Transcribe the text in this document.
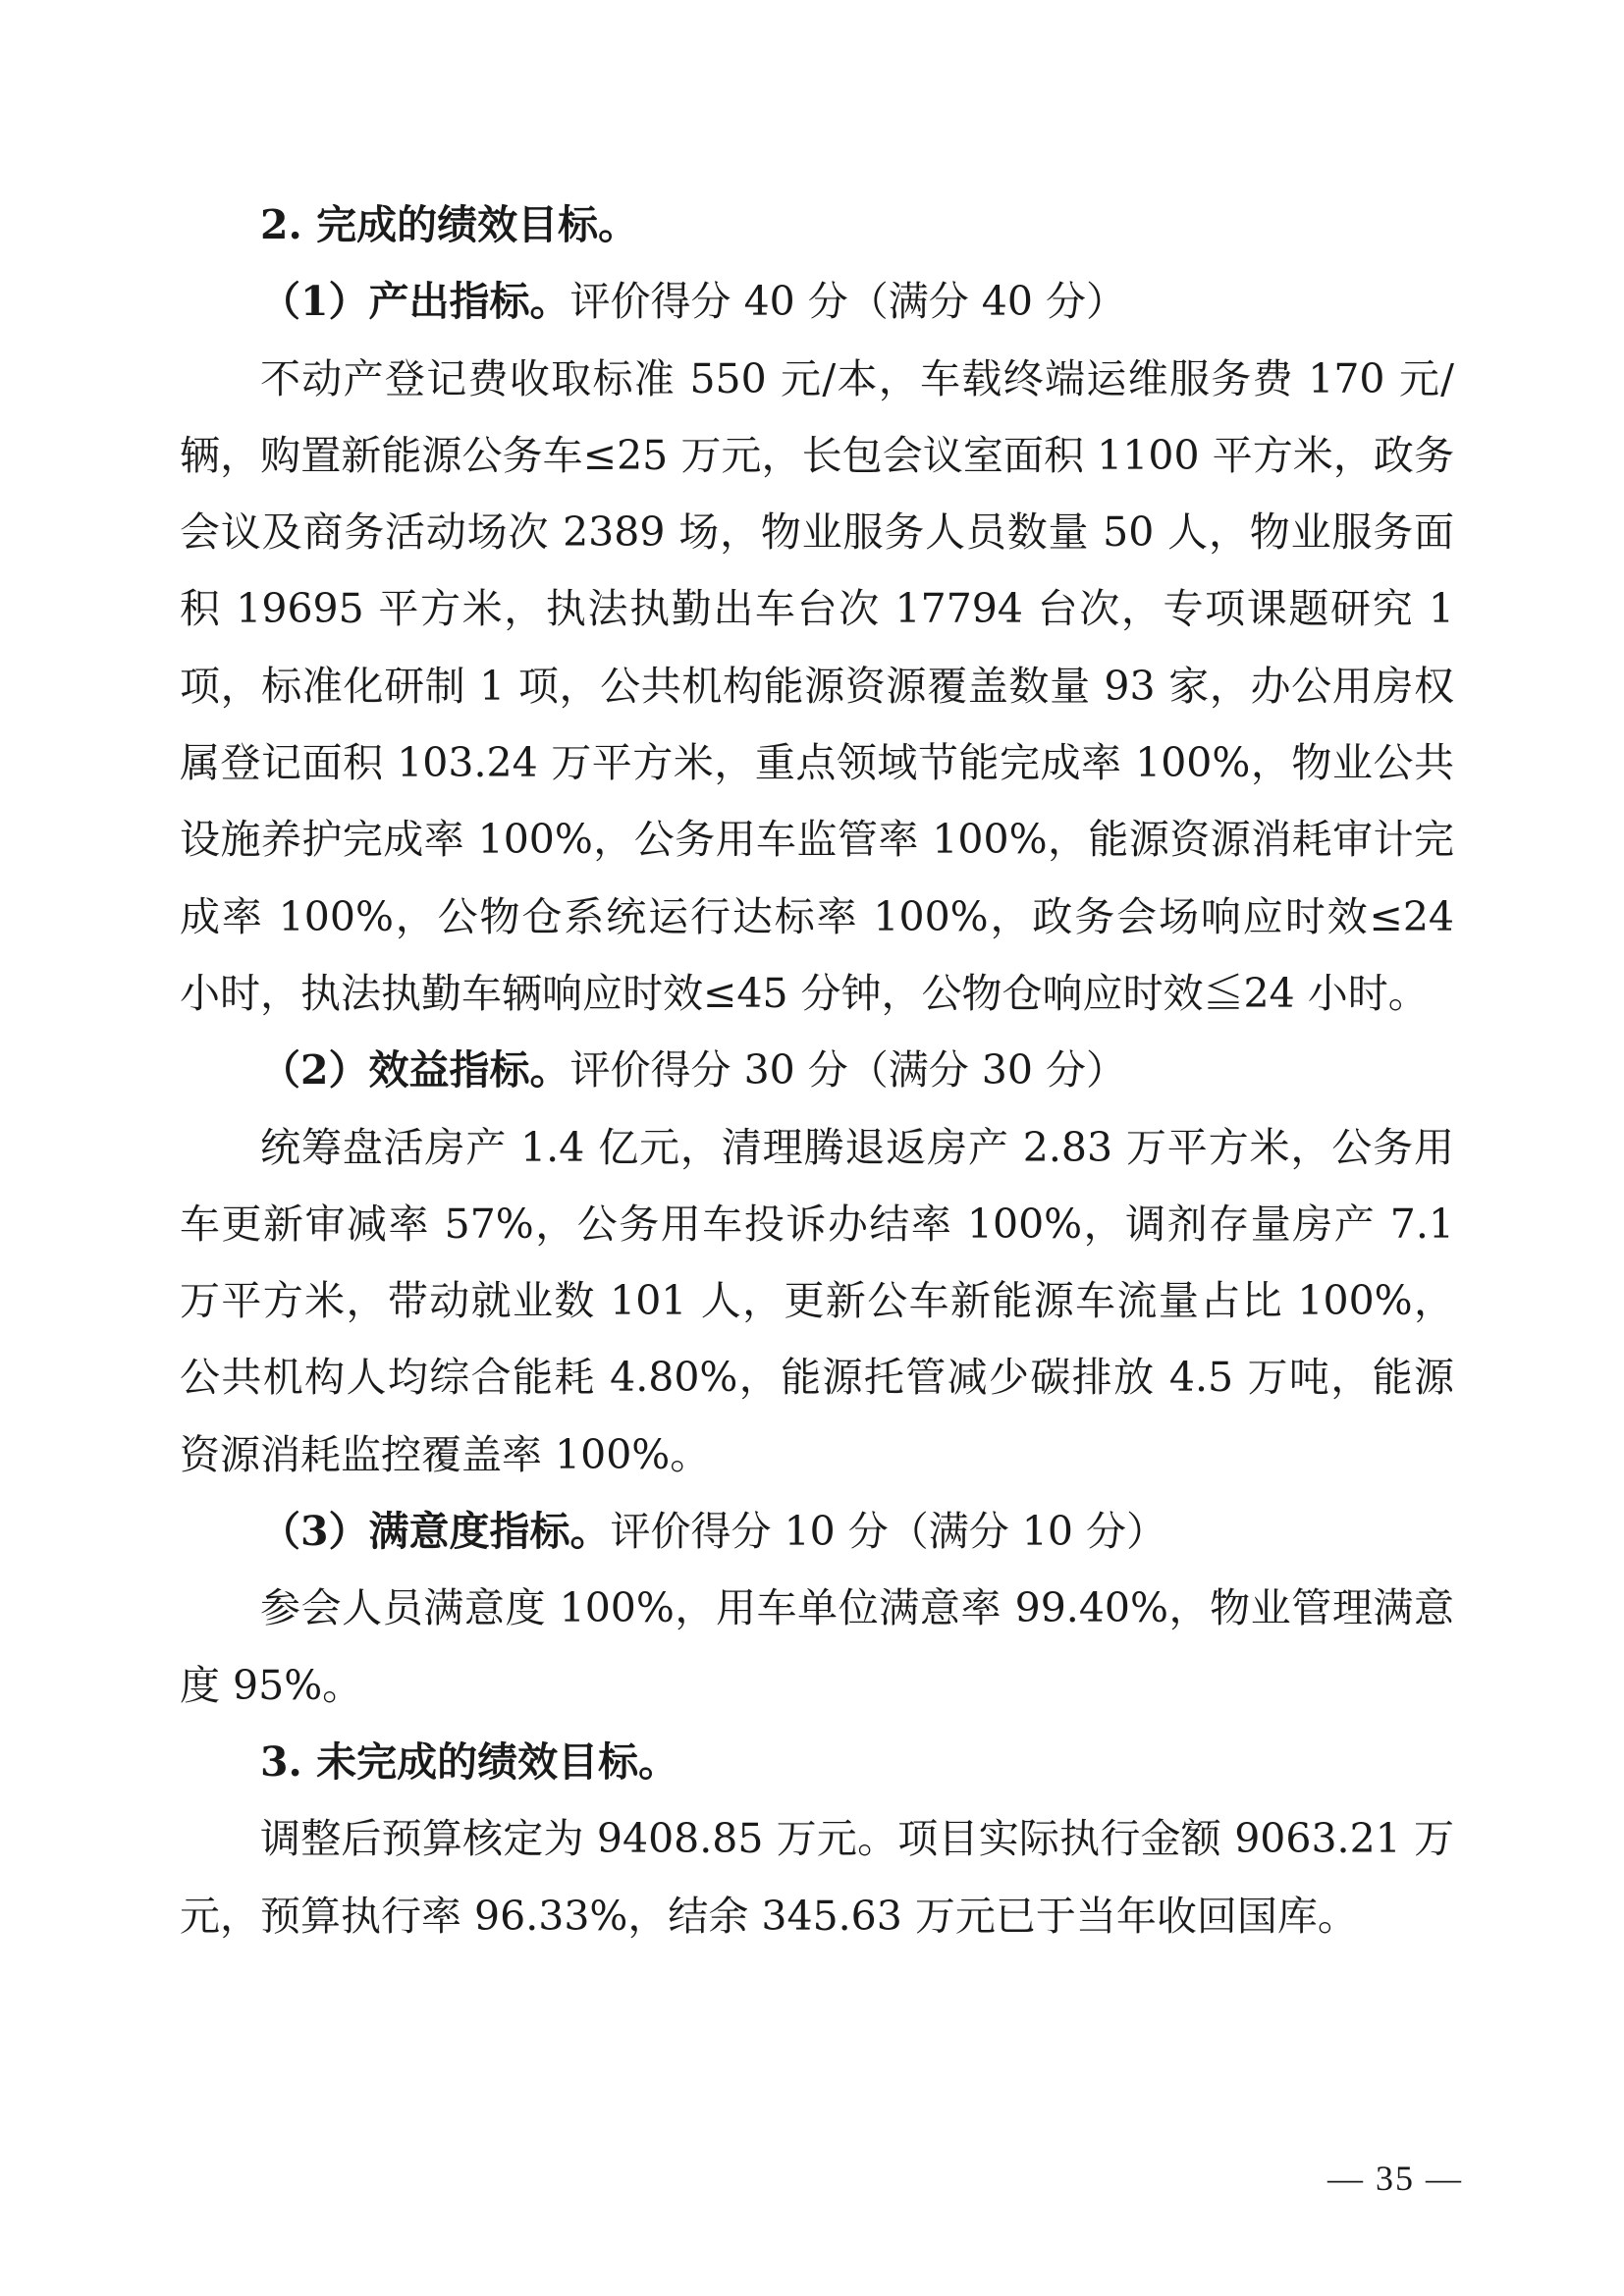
2. 完成的绩效目标。

（1）产出指标。评价得分 40 分（满分 40 分）

不动产登记费收取标准 550 元/本，车载终端运维服务费 170 元/辆，购置新能源公务车≤25 万元，长包会议室面积 1100 平方米，政务会议及商务活动场次 2389 场，物业服务人员数量 50 人，物业服务面积 19695 平方米，执法执勤出车台次 17794 台次，专项课题研究 1 项，标准化研制 1 项，公共机构能源资源覆盖数量 93 家，办公用房权属登记面积 103.24 万平方米，重点领域节能完成率 100%，物业公共设施养护完成率 100%，公务用车监管率 100%，能源资源消耗审计完成率 100%，公物仓系统运行达标率 100%，政务会场响应时效≤24 小时，执法执勤车辆响应时效≤45 分钟，公物仓响应时效≦24 小时。

（2）效益指标。评价得分 30 分（满分 30 分）

统筹盘活房产 1.4 亿元，清理腾退返房产 2.83 万平方米，公务用车更新审减率 57%，公务用车投诉办结率 100%，调剂存量房产 7.1 万平方米，带动就业数 101 人，更新公车新能源车流量占比 100%，公共机构人均综合能耗 4.80%，能源托管减少碳排放 4.5 万吨，能源资源消耗监控覆盖率 100%。

（3）满意度指标。评价得分 10 分（满分 10 分）

参会人员满意度 100%，用车单位满意率 99.40%，物业管理满意度 95%。

3. 未完成的绩效目标。

调整后预算核定为 9408.85 万元。项目实际执行金额 9063.21 万元，预算执行率 96.33%，结余 345.63 万元已于当年收回国库。

— 35 —
